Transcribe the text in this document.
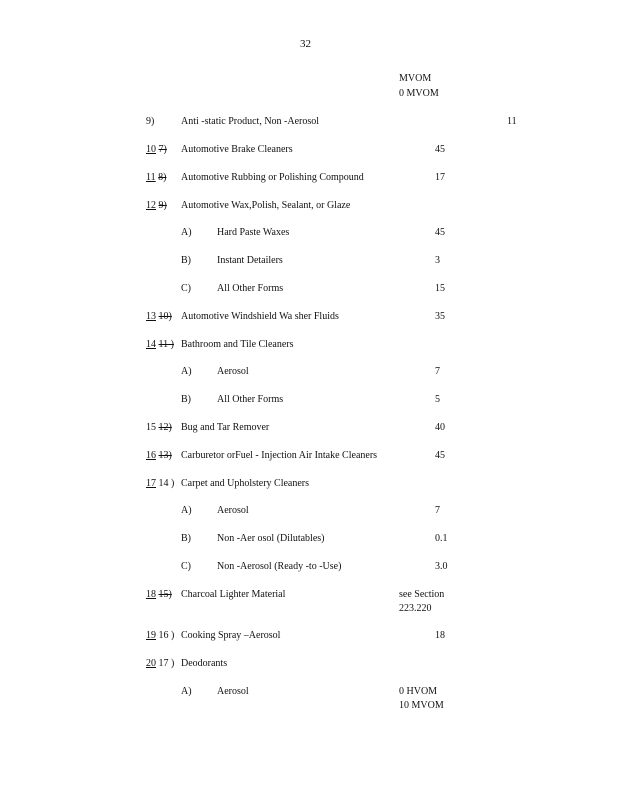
32
MVOM
0 MVOM
9)	Anti -static Product, Non -Aerosol	11
10 7) Automotive Brake Cleaners	45
11 8) Automotive Rubbing or Polishing Compound	17
12 9) Automotive Wax,Polish, Sealant, or Glaze
A)	Hard Paste Waxes	45
B)	Instant Detailers	3
C)	All Other Forms	15
13 10) Automotive Windshield Wa sher Fluids	35
14 11 ) Bathroom and Tile Cleaners
A)	Aerosol	7
B)	All Other Forms	5
15 12) Bug and Tar Remover	40
16 13) Carburetor orFuel - Injection Air Intake Cleaners	45
17 14 ) Carpet and Upholstery Cleaners
A)	Aerosol	7
B)	Non -Aer osol (Dilutables)	0.1
C)	Non -Aerosol (Ready -to -Use)	3.0
18 15) Charcoal Lighter Material	see Section
223.220
19 16 ) Cooking Spray –Aerosol	18
20 17 ) Deodorants
A)	Aerosol	0 HVOM
10 MVOM
